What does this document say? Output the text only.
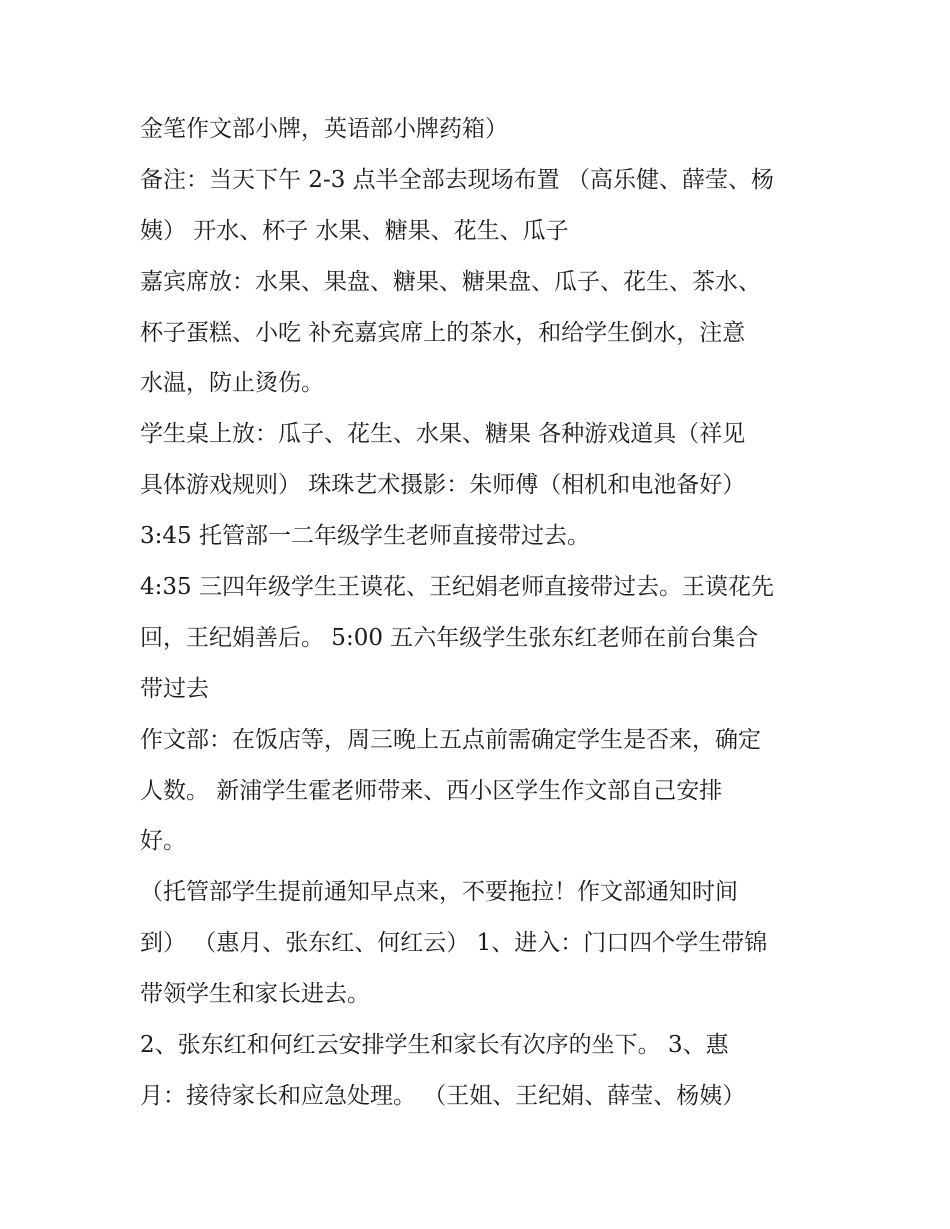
金笔作文部小牌，英语部小牌药箱）
备注：当天下午 2-3 点半全部去现场布置 （高乐健、薛莹、杨
姨） 开水、杯子 水果、糖果、花生、瓜子
嘉宾席放：水果、果盘、糖果、糖果盘、瓜子、花生、茶水、
杯子蛋糕、小吃 补充嘉宾席上的茶水，和给学生倒水，注意
水温，防止烫伤。
学生桌上放：瓜子、花生、水果、糖果 各种游戏道具（祥见
具体游戏规则） 珠珠艺术摄影：朱师傅（相机和电池备好）
3:45 托管部一二年级学生老师直接带过去。
4:35 三四年级学生王谟花、王纪娟老师直接带过去。王谟花先
回，王纪娟善后。 5:00 五六年级学生张东红老师在前台集合
带过去
作文部：在饭店等，周三晚上五点前需确定学生是否来，确定
人数。 新浦学生霍老师带来、西小区学生作文部自己安排
好。
（托管部学生提前通知早点来，不要拖拉！作文部通知时间
到） （惠月、张东红、何红云） 1、进入：门口四个学生带锦
带领学生和家长进去。
2、张东红和何红云安排学生和家长有次序的坐下。 3、惠
月：接待家长和应急处理。 （王姐、王纪娟、薛莹、杨姨）
